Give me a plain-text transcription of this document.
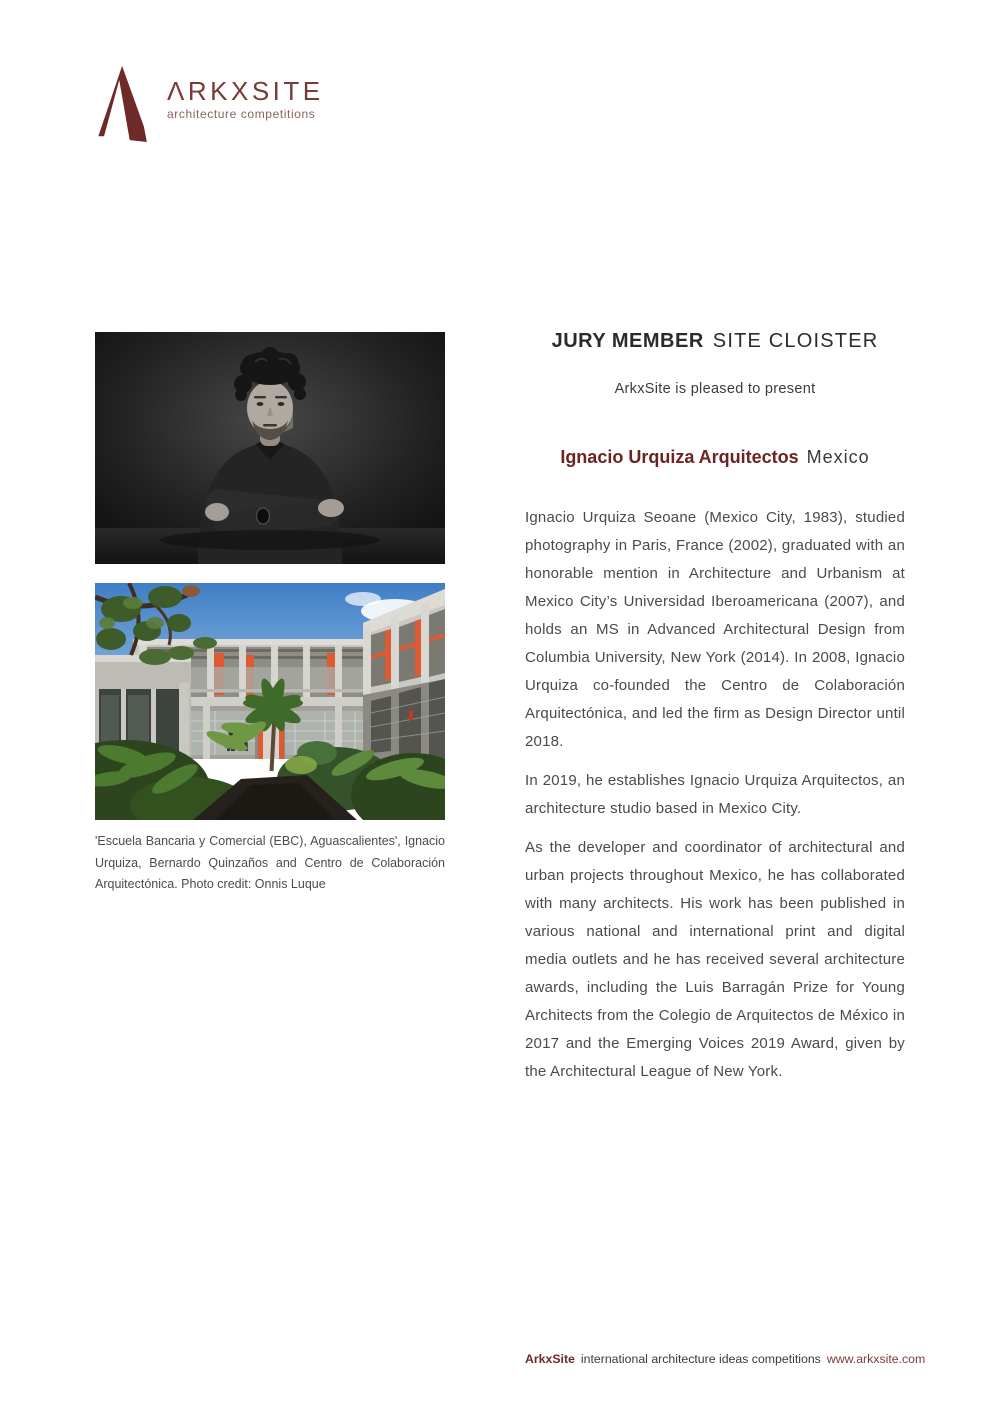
ΛRKXSITE
architecture competitions
'Escuela Bancaria y Comercial (EBC), Aguascalientes', Ignacio Urquiza, Bernardo Quinzaños and Centro de Colaboración Arquitectónica. Photo credit: Onnis Luque
JURY MEMBER SITE CLOISTER
ArkxSite is pleased to present
Ignacio Urquiza Arquitectos Mexico

Ignacio Urquiza Seoane (Mexico City, 1983), studied photography in Paris, France (2002), graduated with an honorable mention in Architecture and Urbanism at Mexico City’s Universidad Iberoamericana (2007), and holds an MS in Advanced Architectural Design from Columbia University, New York (2014). In 2008, Ignacio Urquiza co-founded the Centro de Colaboración Arquitectónica, and led the firm as Design Director until 2018.

In 2019, he establishes Ignacio Urquiza Arquitectos, an architecture studio based in Mexico City.

As the developer and coordinator of architectural and urban projects throughout Mexico, he has collaborated with many architects. His work has been published in various national and international print and digital media outlets and he has received several architecture awards, including the Luis Barragán Prize for Young Architects from the Colegio de Arquitectos de México in 2017 and the Emerging Voices 2019 Award, given by the Architectural League of New York.

ArkxSite international architecture ideas competitions www.arkxsite.com
